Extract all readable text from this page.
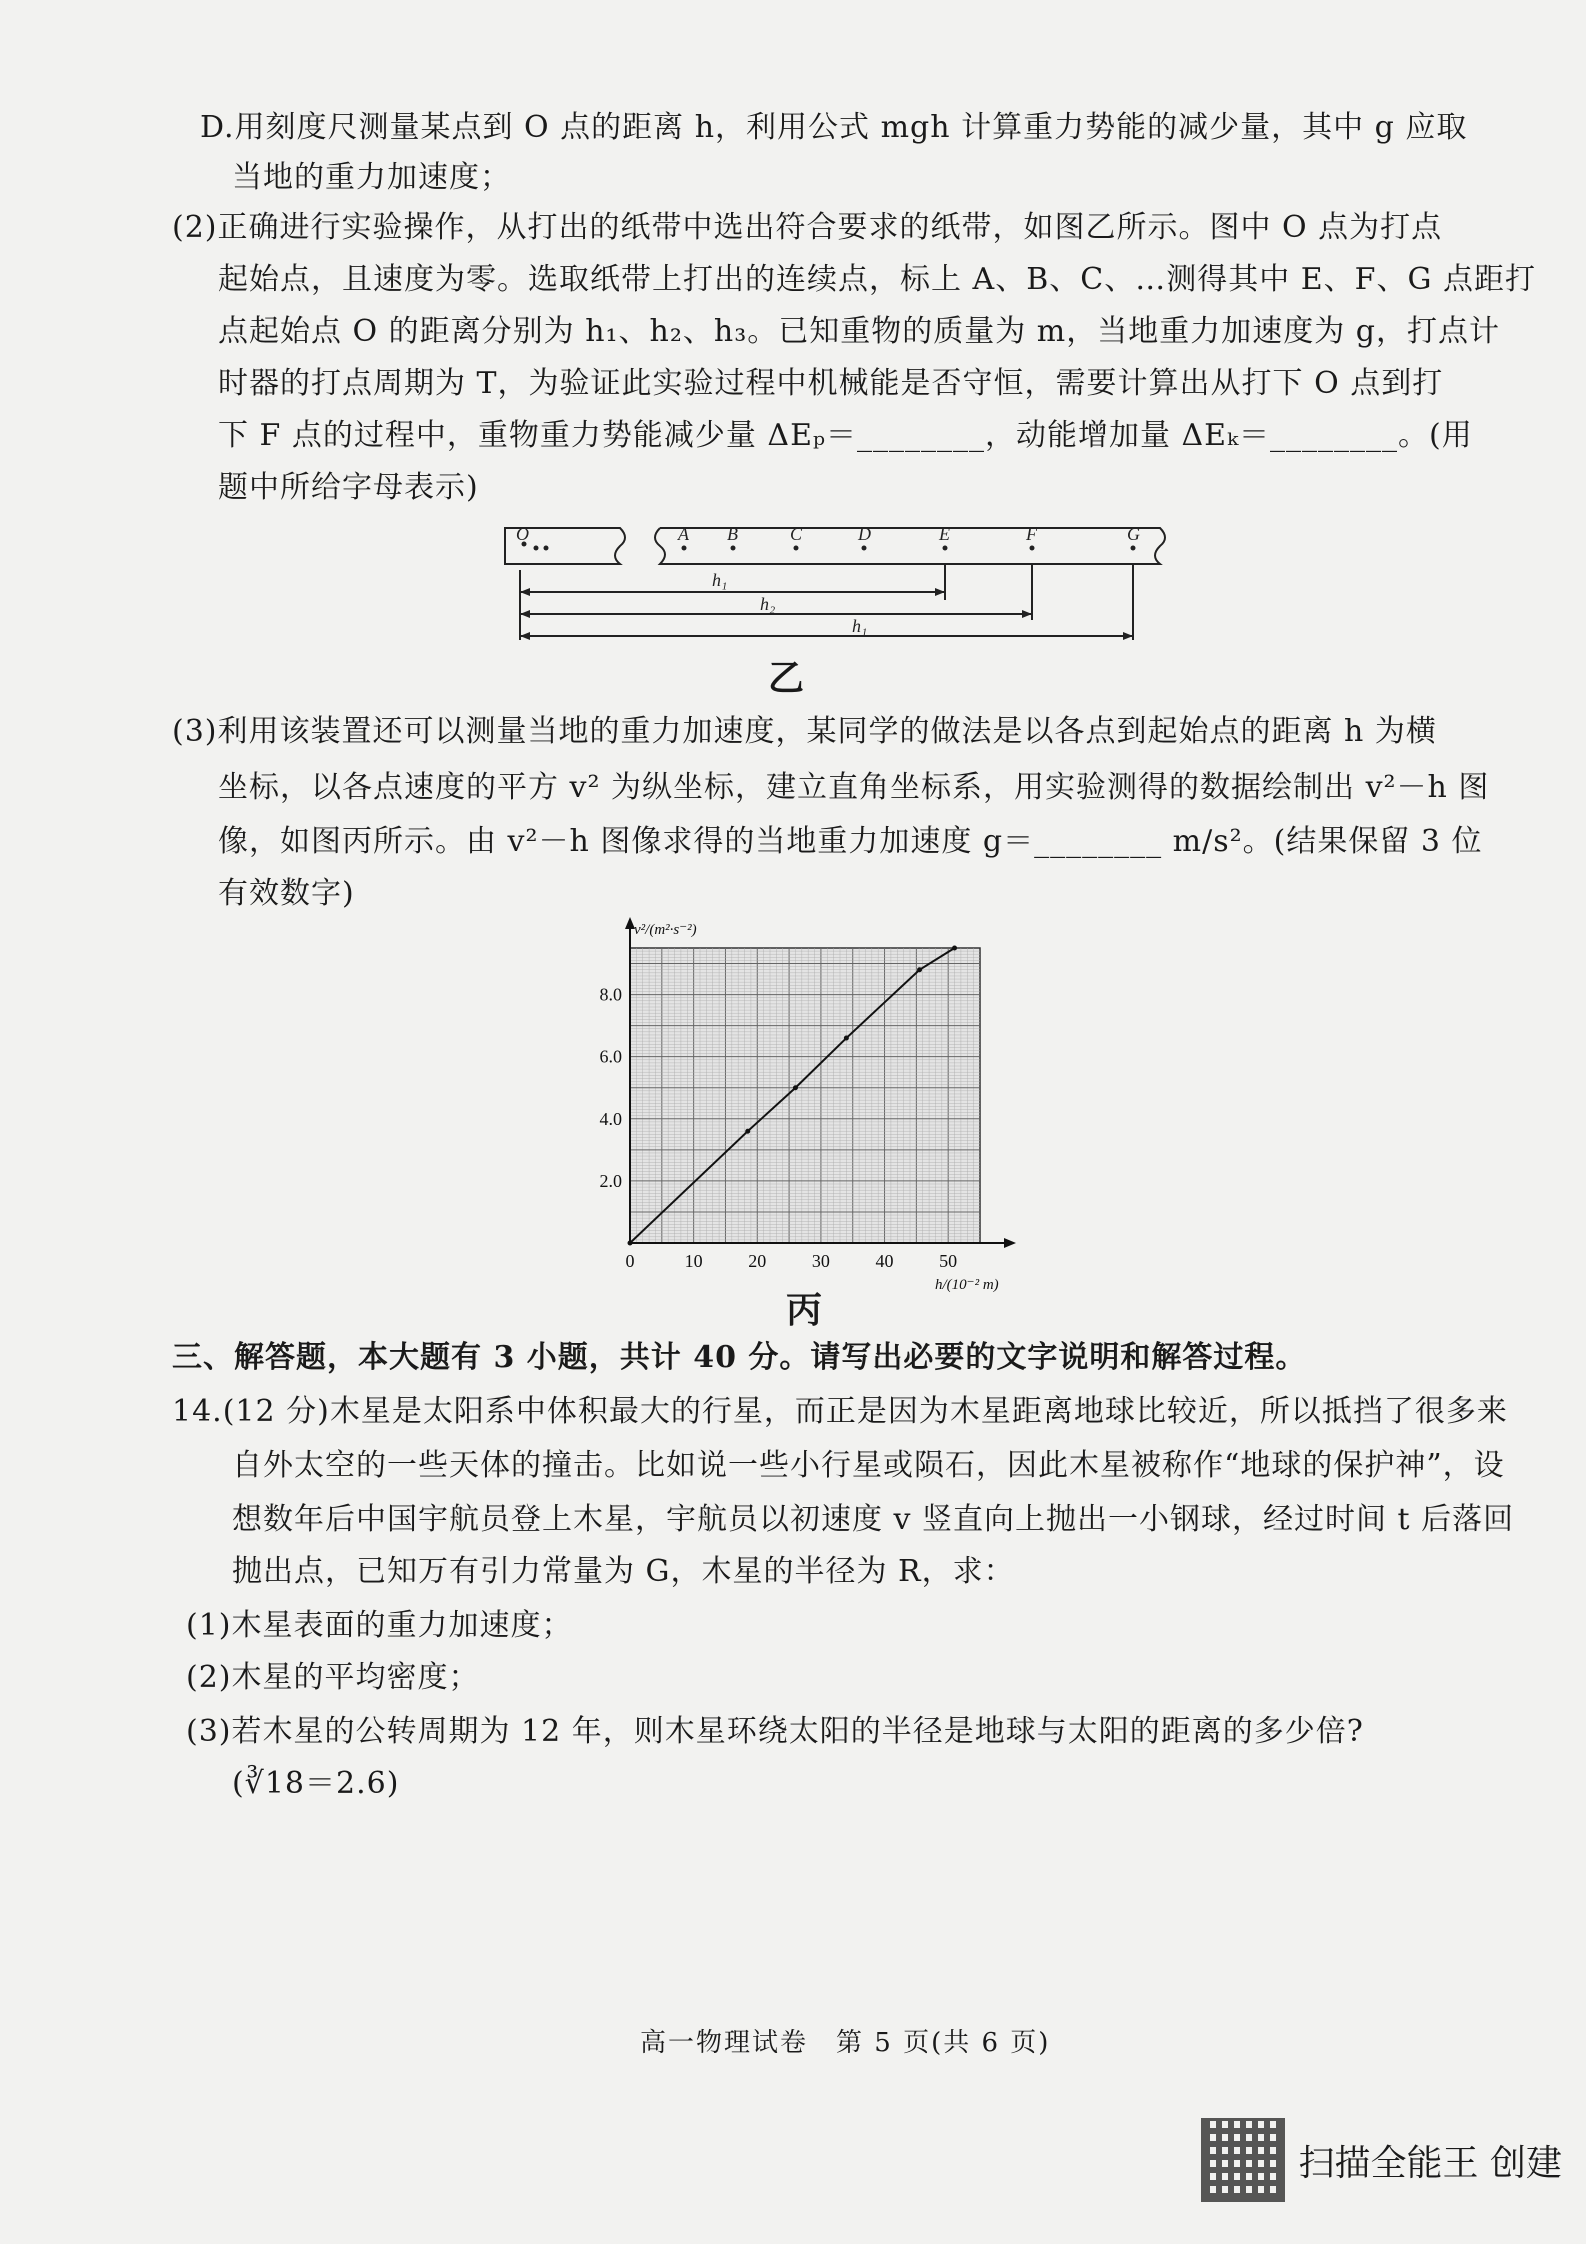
D.用刻度尺测量某点到 O 点的距离 h，利用公式 mgh 计算重力势能的减少量，其中 g 应取
当地的重力加速度；
(2)正确进行实验操作，从打出的纸带中选出符合要求的纸带，如图乙所示。图中 O 点为打点
起始点，且速度为零。选取纸带上打出的连续点，标上 A、B、C、…测得其中 E、F、G 点距打
点起始点 O 的距离分别为 h₁、h₂、h₃。已知重物的质量为 m，当地重力加速度为 g，打点计
时器的打点周期为 T，为验证此实验过程中机械能是否守恒，需要计算出从打下 O 点到打
下 F 点的过程中，重物重力势能减少量 ΔEₚ＝________，动能增加量 ΔEₖ＝________。(用
题中所给字母表示)
O	A B	C	D	E	F	G
h₁
h₂
h₁
乙
(3)利用该装置还可以测量当地的重力加速度，某同学的做法是以各点到起始点的距离 h 为横
坐标，以各点速度的平方 v² 为纵坐标，建立直角坐标系，用实验测得的数据绘制出 v²－h 图
像，如图丙所示。由 v²－h 图像求得的当地重力加速度 g＝________ m/s²。(结果保留 3 位
有效数字)
0	10	20	30	40	50
2.0
4.0
6.0
8.0
v²/(m²·s⁻²)
h/(10⁻² m)
丙
三、解答题，本大题有 3 小题，共计 40 分。请写出必要的文字说明和解答过程。
14.(12 分)木星是太阳系中体积最大的行星，而正是因为木星距离地球比较近，所以抵挡了很多来
自外太空的一些天体的撞击。比如说一些小行星或陨石，因此木星被称作“地球的保护神”，设
想数年后中国宇航员登上木星，宇航员以初速度 v 竖直向上抛出一小钢球，经过时间 t 后落回
抛出点，已知万有引力常量为 G，木星的半径为 R，求：
(1)木星表面的重力加速度；
(2)木星的平均密度；
(3)若木星的公转周期为 12 年，则木星环绕太阳的半径是地球与太阳的距离的多少倍?
(∛18＝2.6)
高一物理试卷　第 5 页(共 6 页)
扫描全能王 创建
